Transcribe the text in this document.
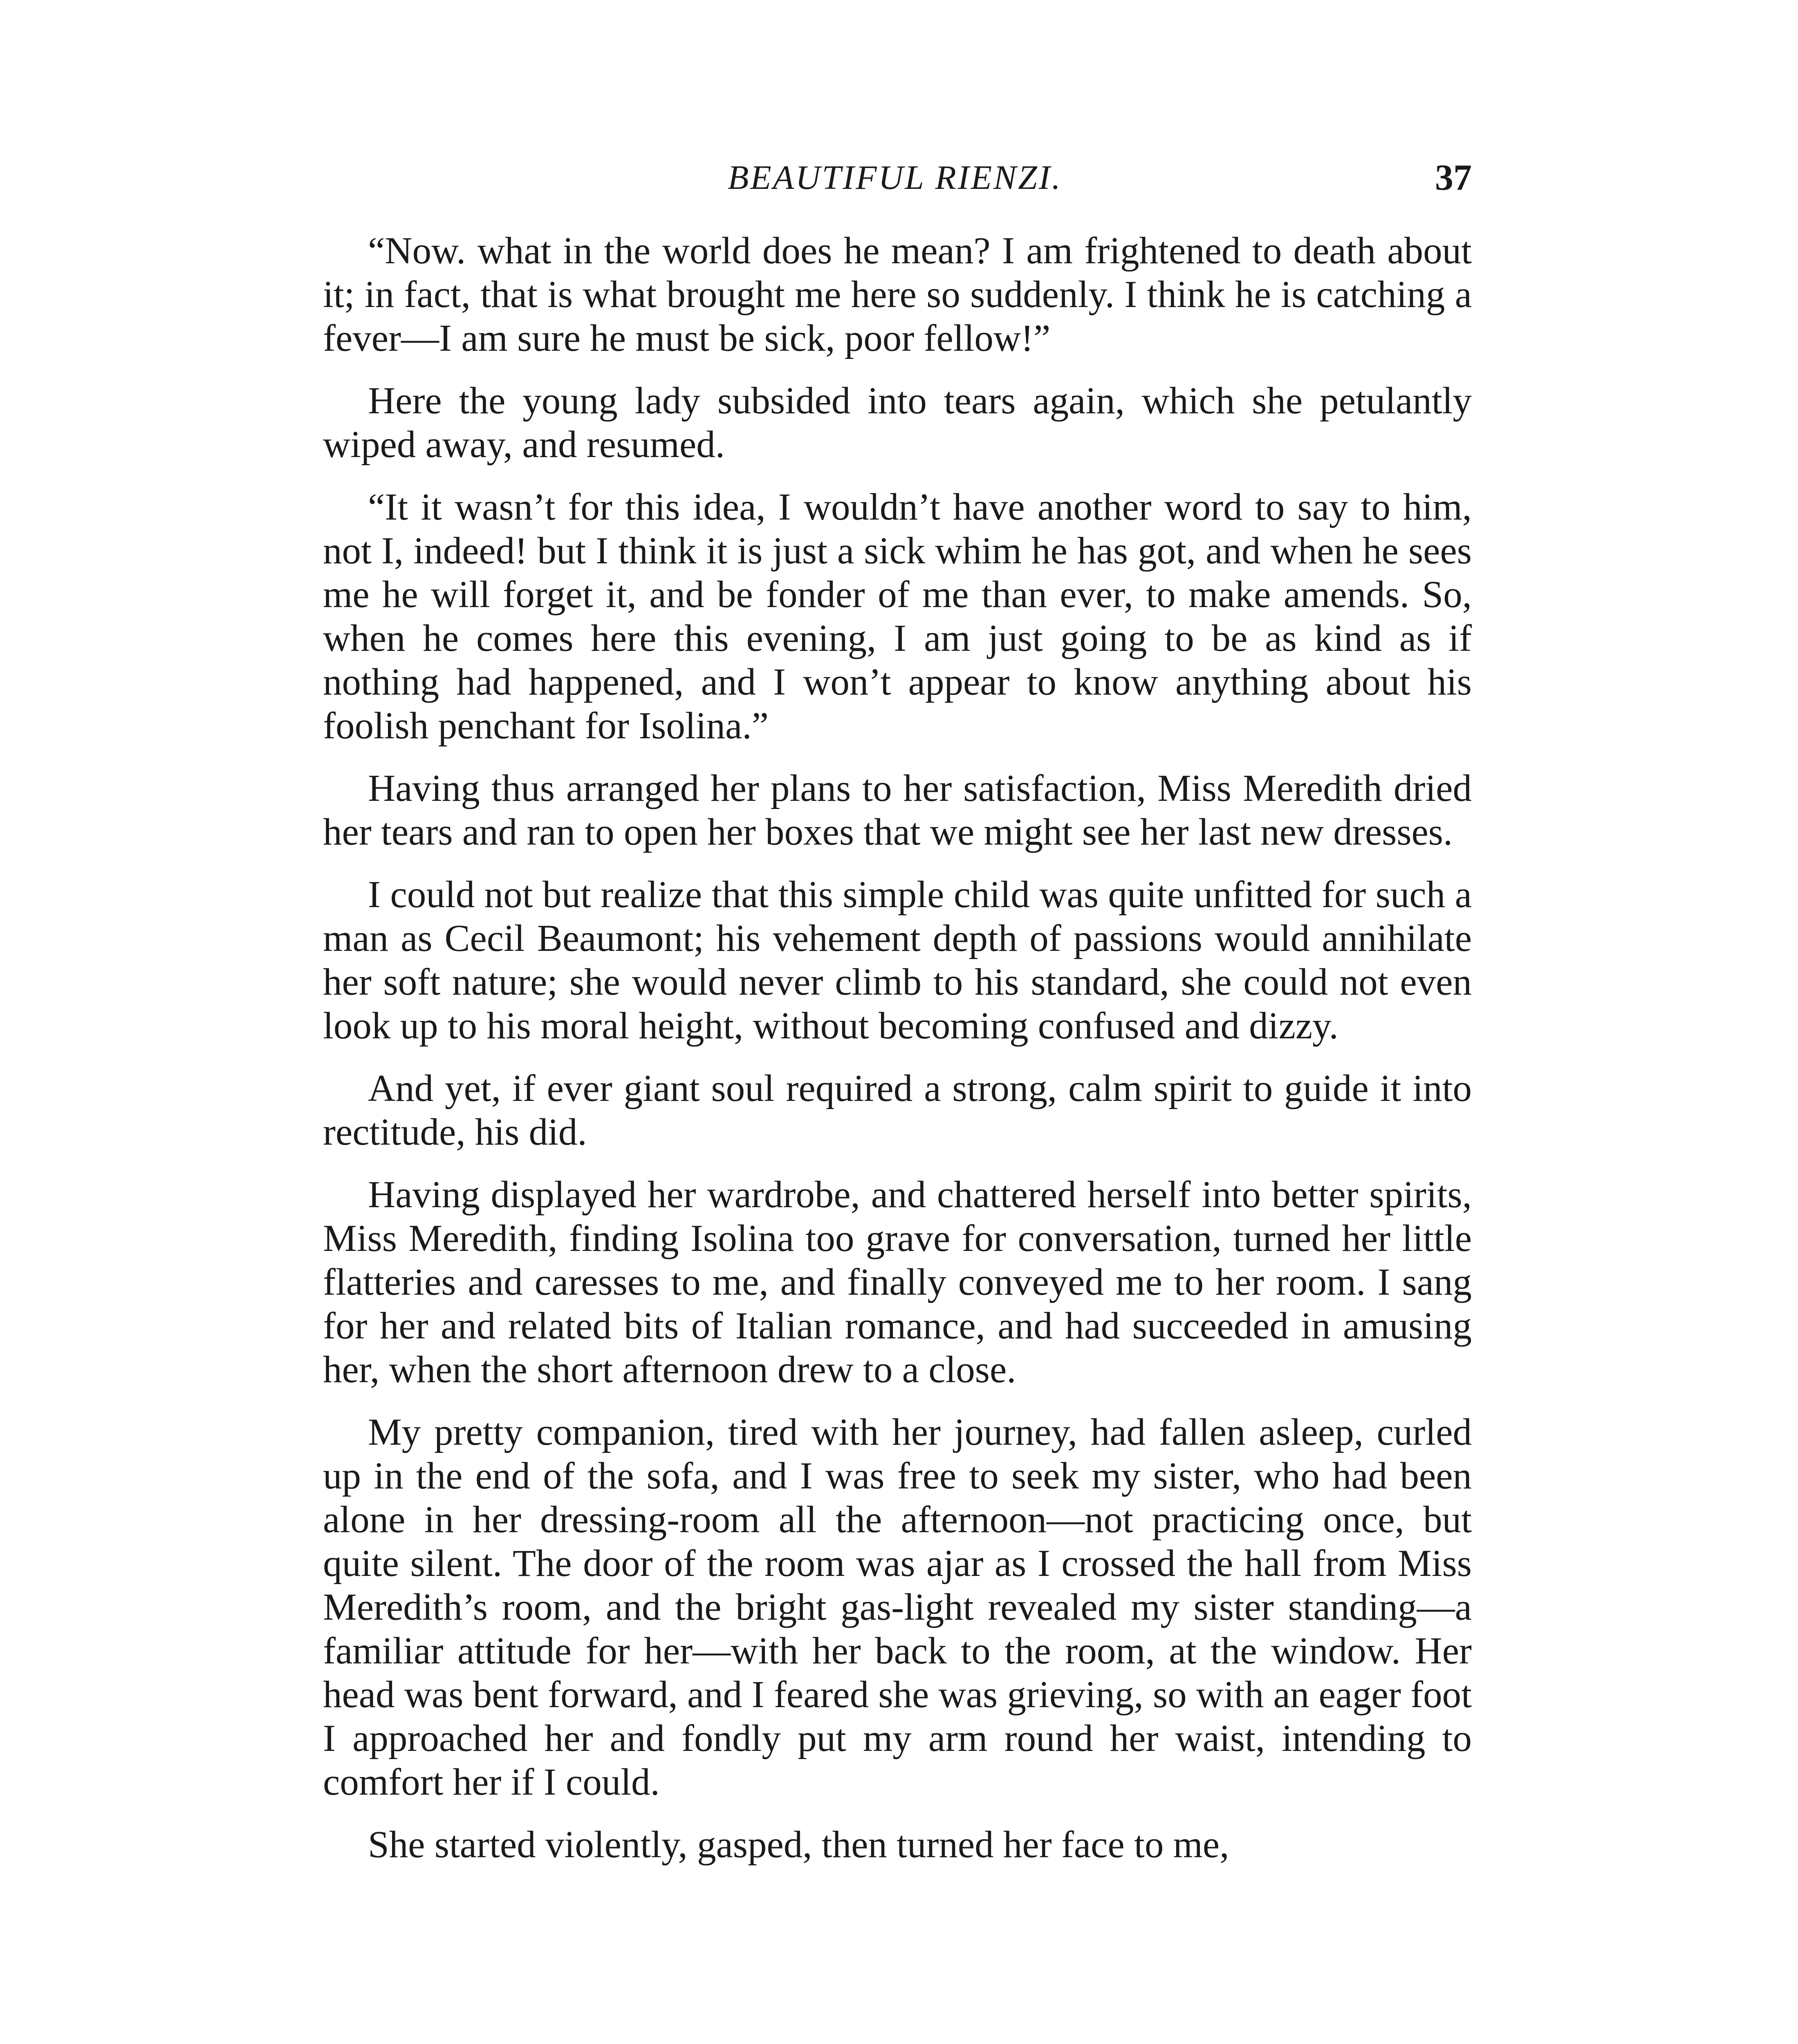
BEAUTIFUL RIENZI.	37

“Now. what in the world does he mean? I am frightened to death about it; in fact, that is what brought me here so suddenly. I think he is catching a fever—I am sure he must be sick, poor fellow!”

Here the young lady subsided into tears again, which she petulantly wiped away, and resumed.

“It it wasn’t for this idea, I wouldn’t have another word to say to him, not I, indeed! but I think it is just a sick whim he has got, and when he sees me he will forget it, and be fonder of me than ever, to make amends. So, when he comes here this evening, I am just going to be as kind as if nothing had happened, and I won’t appear to know anything about his foolish penchant for Isolina.”

Having thus arranged her plans to her satisfaction, Miss Meredith dried her tears and ran to open her boxes that we might see her last new dresses.

I could not but realize that this simple child was quite unfitted for such a man as Cecil Beaumont; his vehement depth of passions would annihilate her soft nature; she would never climb to his standard, she could not even look up to his moral height, without becoming confused and dizzy.

And yet, if ever giant soul required a strong, calm spirit to guide it into rectitude, his did.

Having displayed her wardrobe, and chattered herself into better spirits, Miss Meredith, finding Isolina too grave for conversation, turned her little flatteries and caresses to me, and finally conveyed me to her room. I sang for her and related bits of Italian romance, and had succeeded in amusing her, when the short afternoon drew to a close.

My pretty companion, tired with her journey, had fallen asleep, curled up in the end of the sofa, and I was free to seek my sister, who had been alone in her dressing-room all the afternoon—not practicing once, but quite silent. The door of the room was ajar as I crossed the hall from Miss Meredith’s room, and the bright gas-light revealed my sister standing—a familiar attitude for her—with her back to the room, at the window. Her head was bent forward, and I feared she was grieving, so with an eager foot I approached her and fondly put my arm round her waist, intending to comfort her if I could.

She started violently, gasped, then turned her face to me,
